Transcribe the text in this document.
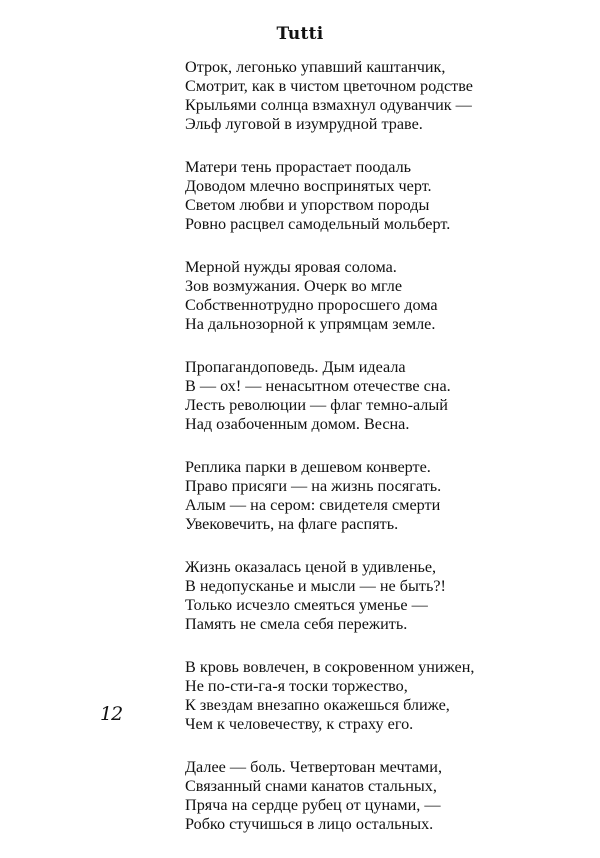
Tutti
Отрок, легонько упавший каштанчик,
Смотрит, как в чистом цветочном родстве
Крыльями солнца взмахнул одуванчик —
Эльф луговой в изумрудной траве.
Матери тень прорастает поодаль
Доводом млечно воспринятых черт.
Светом любви и упорством породы
Ровно расцвел самодельный мольберт.
Мерной нужды яровая солома.
Зов возмужания. Очерк во мгле
Собственнотрудно проросшего дома
На дальнозорной к упрямцам земле.
Пропагандоповедь. Дым идеала
В — ох! — ненасытном отечестве сна.
Лесть революции — флаг темно-алый
Над озабоченным домом. Весна.
Реплика парки в дешевом конверте.
Право присяги — на жизнь посягать.
Алым — на сером: свидетеля смерти
Увековечить, на флаге распять.
Жизнь оказалась ценой в удивленье,
В недопусканье и мысли — не быть?!
Только исчезло смеяться уменье —
Память не смела себя пережить.
В кровь вовлечен, в сокровенном унижен,
Не по-сти-га-я тоски торжество,
К звездам внезапно окажешься ближе,
Чем к человечеству, к страху его.
Далее — боль. Четвертован мечтами,
Связанный снами канатов стальных,
Пряча на сердце рубец от цунами, —
Робко стучишься в лицо остальных.
12
